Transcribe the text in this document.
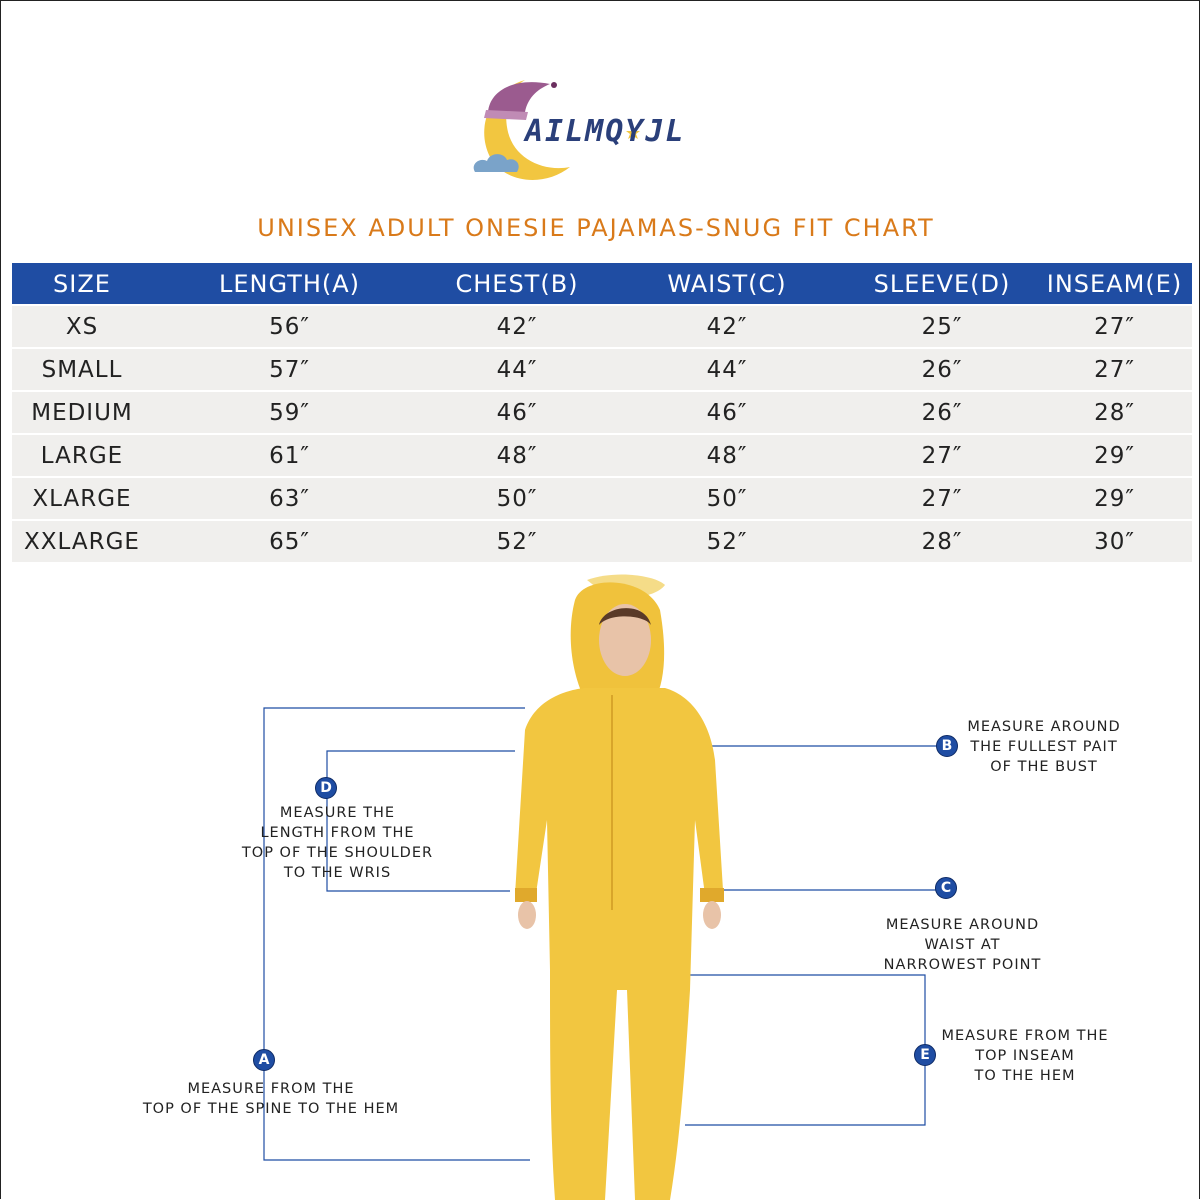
AILMQYJL
UNISEX ADULT ONESIE PAJAMAS-SNUG FIT CHART
SIZE	LENGTH(A)	CHEST(B)	WAIST(C)	SLEEVE(D)	INSEAM(E)
XS	56″	42″	42″	25″	27″
SMALL	57″	44″	44″	26″	27″
MEDIUM	59″	46″	46″	26″	28″
LARGE	61″	48″	48″	27″	29″
XLARGE	63″	50″	50″	27″	29″
XXLARGE	65″	52″	52″	28″	30″
A
B
C
D
E
MEASURE FROM THE
TOP OF THE SPINE TO THE HEM
MEASURE AROUND
THE FULLEST PAIT
OF THE BUST
MEASURE AROUND
WAIST AT
NARROWEST POINT
MEASURE THE
LENGTH FROM THE
TOP OF THE SHOULDER
TO THE WRIS
MEASURE FROM THE
TOP INSEAM
TO THE HEM
